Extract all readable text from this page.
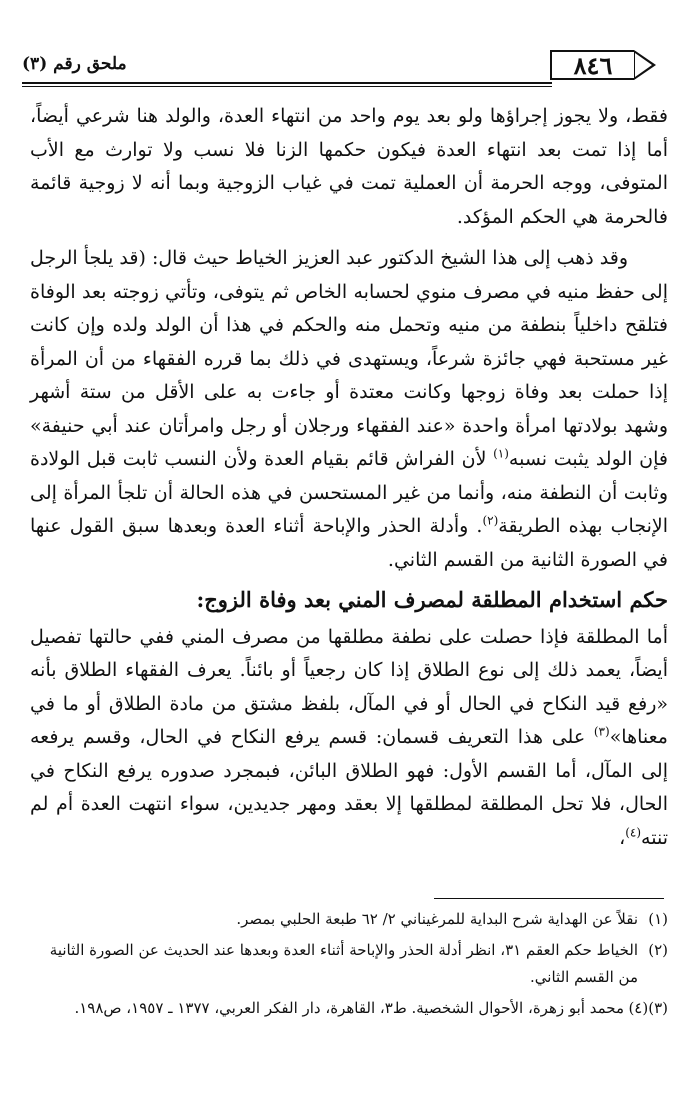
ملحق رقم (٣)	٨٤٦

فقط، ولا يجوز إجراؤها ولو بعد يوم واحد من انتهاء العدة، والولد هنا شرعي أيضاً، أما إذا تمت بعد انتهاء العدة فيكون حكمها الزنا فلا نسب ولا توارث مع الأب المتوفى، ووجه الحرمة أن العملية تمت في غياب الزوجية وبما أنه لا زوجية قائمة فالحرمة هي الحكم المؤكد.

وقد ذهب إلى هذا الشيخ الدكتور عبد العزيز الخياط حيث قال: (قد يلجأ الرجل إلى حفظ منيه في مصرف منوي لحسابه الخاص ثم يتوفى، وتأتي زوجته بعد الوفاة فتلقح داخلياً بنطفة من منيه وتحمل منه والحكم في هذا أن الولد ولده وإن كانت غير مستحبة فهي جائزة شرعاً، ويستهدى في ذلك بما قرره الفقهاء من أن المرأة إذا حملت بعد وفاة زوجها وكانت معتدة أو جاءت به على الأقل من ستة أشهر وشهد بولادتها امرأة واحدة «عند الفقهاء ورجلان أو رجل وامرأتان عند أبي حنيفة» فإن الولد يثبت نسبه$^{(١)}$ لأن الفراش قائم بقيام العدة ولأن النسب ثابت قبل الولادة وثابت أن النطفة منه، وأنما من غير المستحسن في هذه الحالة أن تلجأ المرأة إلى الإنجاب بهذه الطريقة$^{(٢)}$. وأدلة الحذر والإباحة أثناء العدة وبعدها سبق القول عنها في الصورة الثانية من القسم الثاني.

حكم استخدام المطلقة لمصرف المني بعد وفاة الزوج:

أما المطلقة فإذا حصلت على نطفة مطلقها من مصرف المني ففي حالتها تفصيل أيضاً، يعمد ذلك إلى نوع الطلاق إذا كان رجعياً أو بائناً. يعرف الفقهاء الطلاق بأنه «رفع قيد النكاح في الحال أو في المآل، بلفظ مشتق من مادة الطلاق أو ما في معناها»$^{(٣)}$ على هذا التعريف قسمان: قسم يرفع النكاح في الحال، وقسم يرفعه إلى المآل، أما القسم الأول: فهو الطلاق البائن، فبمجرد صدوره يرفع النكاح في الحال، فلا تحل المطلقة لمطلقها إلا بعقد ومهر جديدين، سواء انتهت العدة أم لم تنته$^{(٤)}$،

(١)
نقلاً عن الهداية شرح البداية للمرغيناني ٢/ ٦٢ طبعة الحلبي بمصر.

(٢)
الخياط حكم العقم ٣١، انظر أدلة الحذر والإباحة أثناء العدة وبعدها عند الحديث عن الصورة الثانية من القسم الثاني.

(٣)(٤)
محمد أبو زهرة، الأحوال الشخصية. ط٣، القاهرة، دار الفكر العربي، ١٣٧٧ ـ ١٩٥٧، ص١٩٨.
